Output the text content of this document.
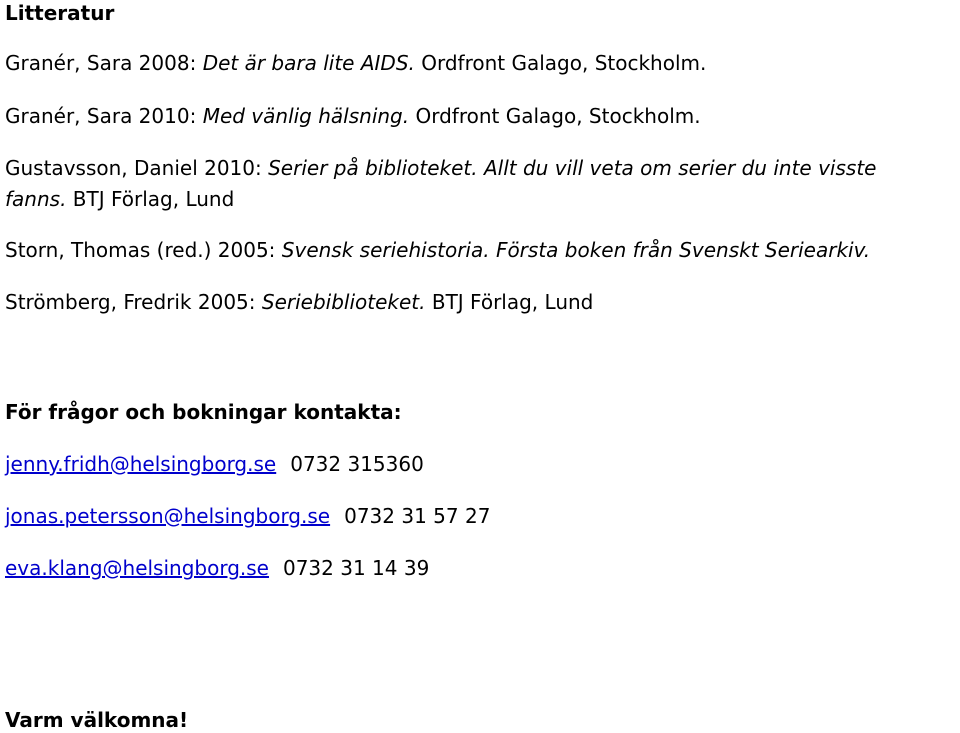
Litteratur
Granér, Sara 2008: Det är bara lite AIDS. Ordfront Galago, Stockholm.
Granér, Sara 2010: Med vänlig hälsning. Ordfront Galago, Stockholm.
Gustavsson, Daniel 2010: Serier på biblioteket. Allt du vill veta om serier du inte visste
fanns. BTJ Förlag, Lund
Storn, Thomas (red.) 2005: Svensk seriehistoria. Första boken från Svenskt Seriearkiv.
Strömberg, Fredrik 2005: Seriebiblioteket. BTJ Förlag, Lund
För frågor och bokningar kontakta:
jenny.fridh@helsingborg.se 0732 315360
jonas.petersson@helsingborg.se 0732 31 57 27
eva.klang@helsingborg.se 0732 31 14 39
Varm välkomna!
